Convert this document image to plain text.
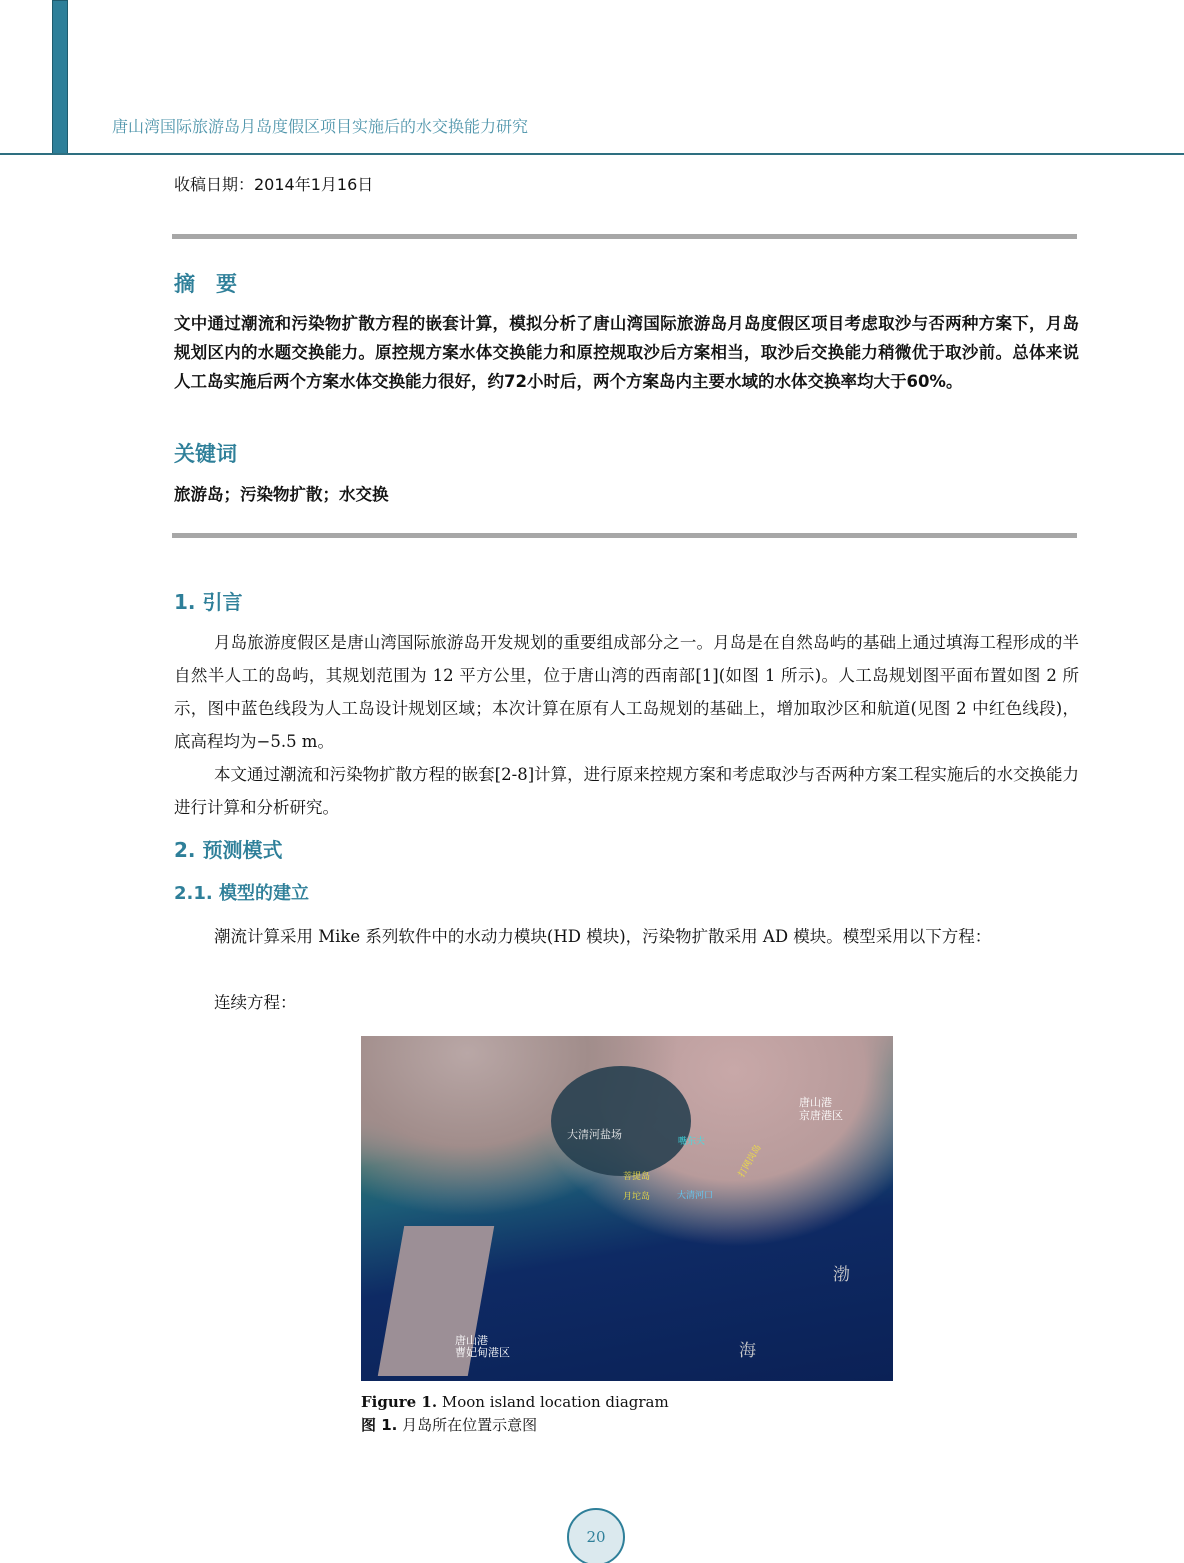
唐山湾国际旅游岛月岛度假区项目实施后的水交换能力研究
收稿日期：2014年1月16日
摘　要
文中通过潮流和污染物扩散方程的嵌套计算，模拟分析了唐山湾国际旅游岛月岛度假区项目考虑取沙与否两种方案下，月岛规划区内的水题交换能力。原控规方案水体交换能力和原控规取沙后方案相当，取沙后交换能力稍微优于取沙前。总体来说人工岛实施后两个方案水体交换能力很好，约72小时后，两个方案岛内主要水域的水体交换率均大于60%。
关键词
旅游岛；污染物扩散；水交换
1. 引言
月岛旅游度假区是唐山湾国际旅游岛开发规划的重要组成部分之一。月岛是在自然岛屿的基础上通过填海工程形成的半自然半人工的岛屿，其规划范围为 12 平方公里，位于唐山湾的西南部[1](如图 1 所示)。人工岛规划图平面布置如图 2 所示，图中蓝色线段为人工岛设计规划区域；本次计算在原有人工岛规划的基础上，增加取沙区和航道(见图 2 中红色线段)，底高程均为−5.5 m。
本文通过潮流和污染物扩散方程的嵌套[2-8]计算，进行原来控规方案和考虑取沙与否两种方案工程实施后的水交换能力进行计算和分析研究。
2. 预测模式
2.1. 模型的建立
潮流计算采用 Mike 系列软件中的水动力模块(HD 模块)，污染物扩散采用 AD 模块。模型采用以下方程：
连续方程：
大清河盐场
嘴东夫
菩提岛
月坨岛	大清河口
打网岗岛
唐山港
京唐港区
唐山港
曹妃甸港区
渤
海
Figure 1. Moon island location diagram
图 1. 月岛所在位置示意图
20
